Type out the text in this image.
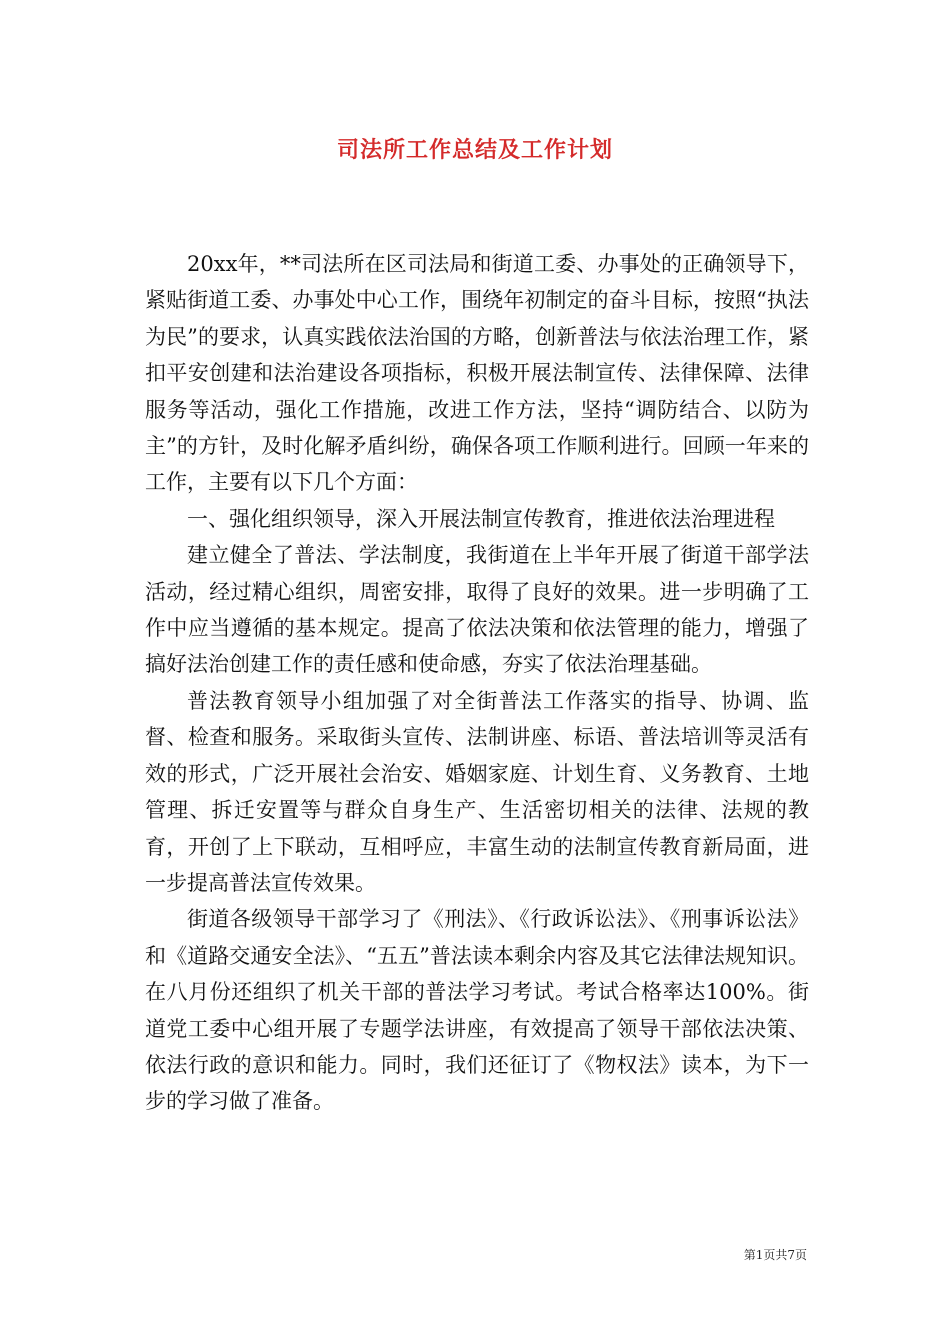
司法所工作总结及工作计划

20xx年，**司法所在区司法局和街道工委、办事处的正确领导下，紧贴街道工委、办事处中心工作，围绕年初制定的奋斗目标，按照“执法为民”的要求，认真实践依法治国的方略，创新普法与依法治理工作，紧扣平安创建和法治建设各项指标，积极开展法制宣传、法律保障、法律服务等活动，强化工作措施，改进工作方法，坚持“调防结合、以防为主”的方针，及时化解矛盾纠纷，确保各项工作顺利进行。回顾一年来的工作，主要有以下几个方面：

一、强化组织领导，深入开展法制宣传教育，推进依法治理进程

建立健全了普法、学法制度，我街道在上半年开展了街道干部学法活动，经过精心组织，周密安排，取得了良好的效果。进一步明确了工作中应当遵循的基本规定。提高了依法决策和依法管理的能力，增强了搞好法治创建工作的责任感和使命感，夯实了依法治理基础。

普法教育领导小组加强了对全街普法工作落实的指导、协调、监督、检查和服务。采取街头宣传、法制讲座、标语、普法培训等灵活有效的形式，广泛开展社会治安、婚姻家庭、计划生育、义务教育、土地管理、拆迁安置等与群众自身生产、生活密切相关的法律、法规的教育，开创了上下联动，互相呼应，丰富生动的法制宣传教育新局面，进一步提高普法宣传效果。

街道各级领导干部学习了《刑法》、《行政诉讼法》、《刑事诉讼法》和《道路交通安全法》、“五五”普法读本剩余内容及其它法律法规知识。在八月份还组织了机关干部的普法学习考试。考试合格率达100%。街道党工委中心组开展了专题学法讲座，有效提高了领导干部依法决策、依法行政的意识和能力。同时，我们还征订了《物权法》读本，为下一步的学习做了准备。

第1页共7页
